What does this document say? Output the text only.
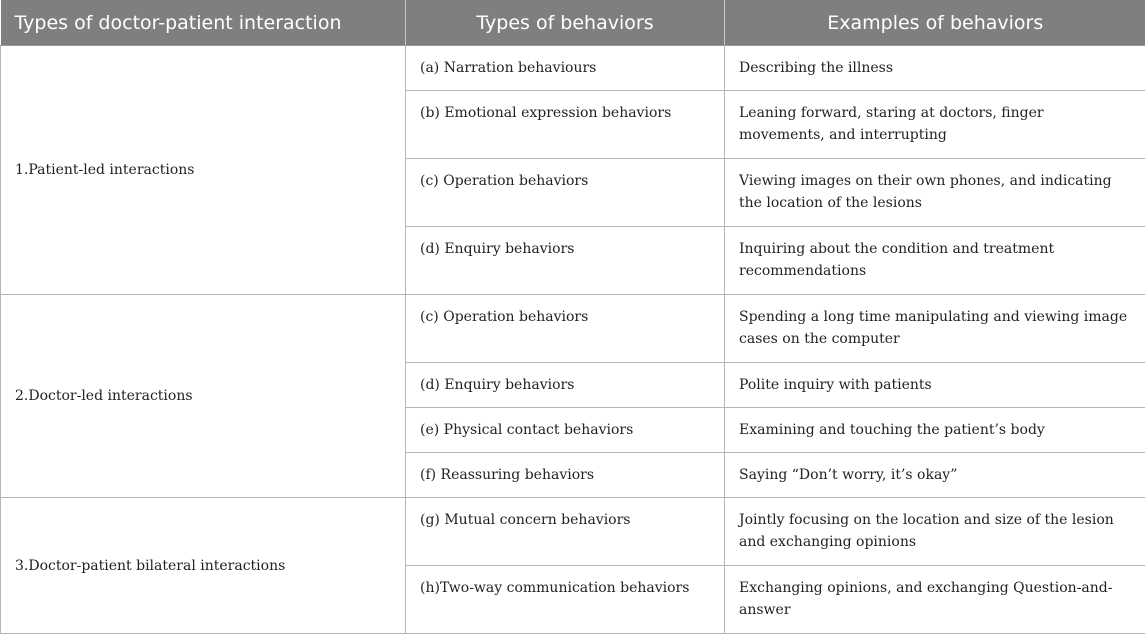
Types of doctor-patient interaction	Types of behaviors	Examples of behaviors
1.Patient-led interactions	(a) Narration behaviours	Describing the illness
	(b) Emotional expression behaviors	Leaning forward, staring at doctors, finger movements, and interrupting
	(c) Operation behaviors	Viewing images on their own phones, and indicating the location of the lesions
	(d) Enquiry behaviors	Inquiring about the condition and treatment recommendations
2.Doctor-led interactions	(c) Operation behaviors	Spending a long time manipulating and viewing image cases on the computer
	(d) Enquiry behaviors	Polite inquiry with patients
	(e) Physical contact behaviors	Examining and touching the patient’s body
	(f) Reassuring behaviors	Saying “Don’t worry, it’s okay”
3.Doctor-patient bilateral interactions	(g) Mutual concern behaviors	Jointly focusing on the location and size of the lesion and exchanging opinions
	(h)Two-way communication behaviors	Exchanging opinions, and exchanging Question-and-answer
